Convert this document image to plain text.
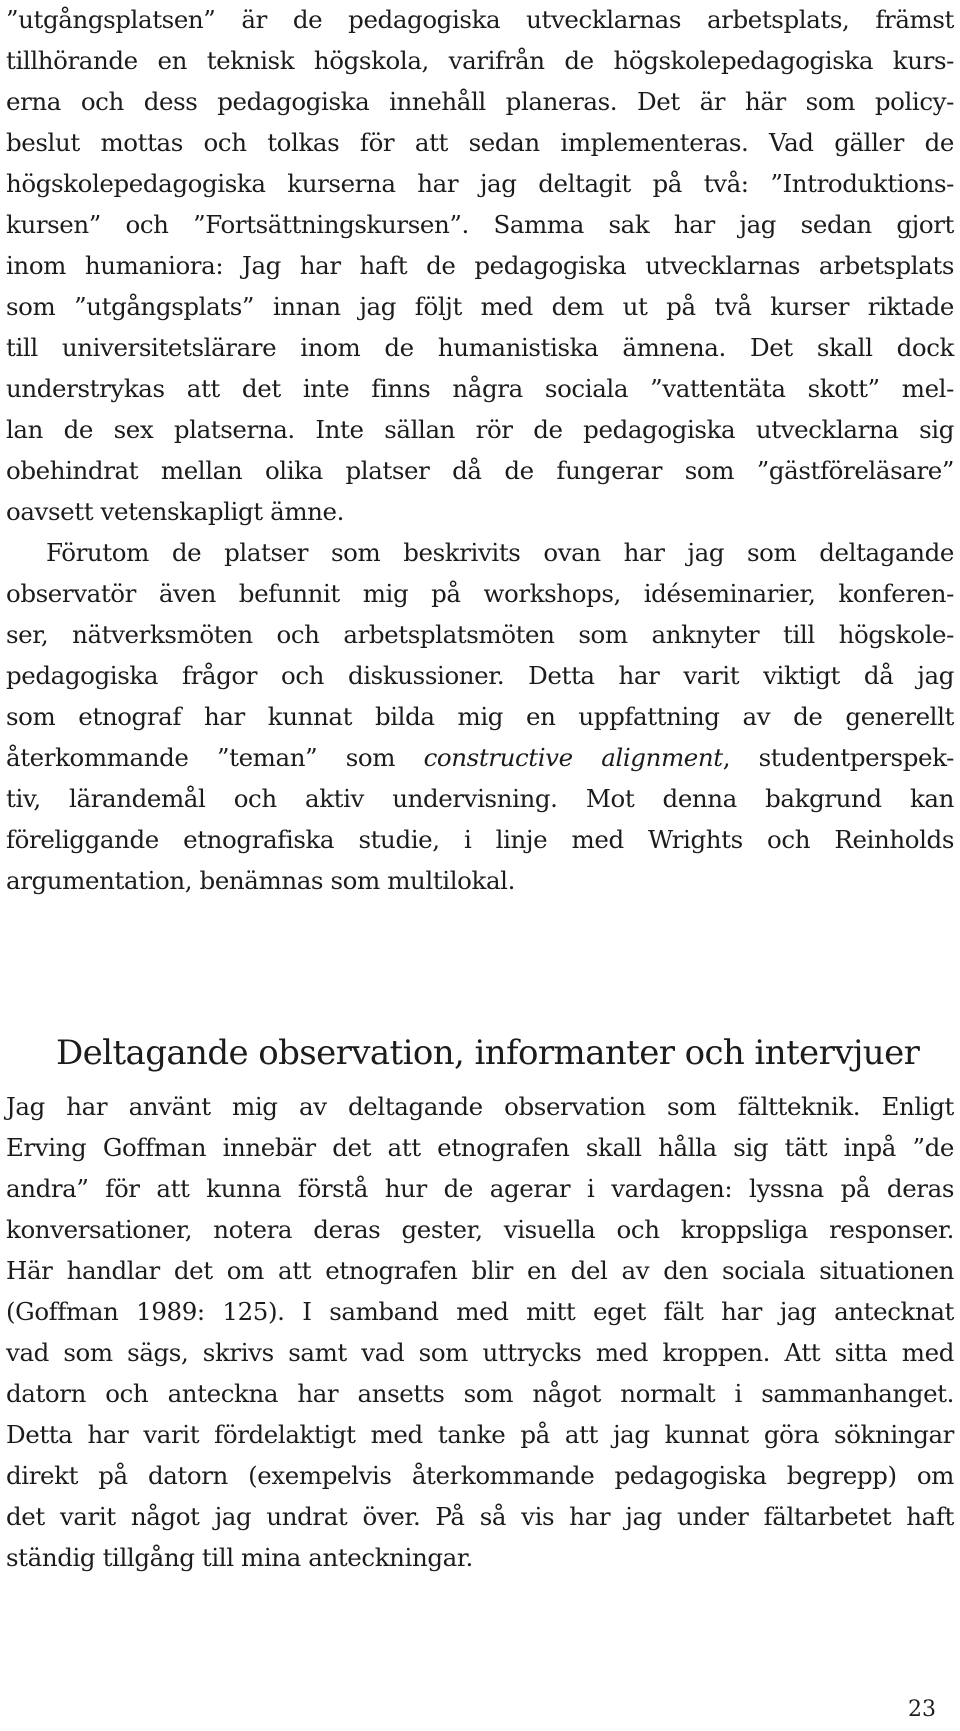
”utgångsplatsen” är de pedagogiska utvecklarnas arbetsplats, främst
tillhörande en teknisk högskola, varifrån de högskolepedagogiska kurs-
erna och dess pedagogiska innehåll planeras. Det är här som policy-
beslut mottas och tolkas för att sedan implementeras. Vad gäller de
högskolepedagogiska kurserna har jag deltagit på två: ”Introduktions-
kursen” och ”Fortsättningskursen”. Samma sak har jag sedan gjort
inom humaniora: Jag har haft de pedagogiska utvecklarnas arbetsplats
som ”utgångsplats” innan jag följt med dem ut på två kurser riktade
till universitetslärare inom de humanistiska ämnena. Det skall dock
understrykas att det inte finns några sociala ”vattentäta skott” mel-
lan de sex platserna. Inte sällan rör de pedagogiska utvecklarna sig
obehindrat mellan olika platser då de fungerar som ”gästföreläsare”
oavsett vetenskapligt ämne.
Förutom de platser som beskrivits ovan har jag som deltagande
observatör även befunnit mig på workshops, idéseminarier, konferen-
ser, nätverksmöten och arbetsplatsmöten som anknyter till högskole-
pedagogiska frågor och diskussioner. Detta har varit viktigt då jag
som etnograf har kunnat bilda mig en uppfattning av de generellt
återkommande ”teman” som constructive alignment, studentperspek-
tiv, lärandemål och aktiv undervisning. Mot denna bakgrund kan
föreliggande etnografiska studie, i linje med Wrights och Reinholds
argumentation, benämnas som multilokal.
Deltagande observation, informanter och intervjuer
Jag har använt mig av deltagande observation som fältteknik. Enligt
Erving Goffman innebär det att etnografen skall hålla sig tätt inpå ”de
andra” för att kunna förstå hur de agerar i vardagen: lyssna på deras
konversationer, notera deras gester, visuella och kroppsliga responser.
Här handlar det om att etnografen blir en del av den sociala situationen
(Goffman 1989: 125). I samband med mitt eget fält har jag antecknat
vad som sägs, skrivs samt vad som uttrycks med kroppen. Att sitta med
datorn och anteckna har ansetts som något normalt i sammanhanget.
Detta har varit fördelaktigt med tanke på att jag kunnat göra sökningar
direkt på datorn (exempelvis återkommande pedagogiska begrepp) om
det varit något jag undrat över. På så vis har jag under fältarbetet haft
ständig tillgång till mina anteckningar.
23
